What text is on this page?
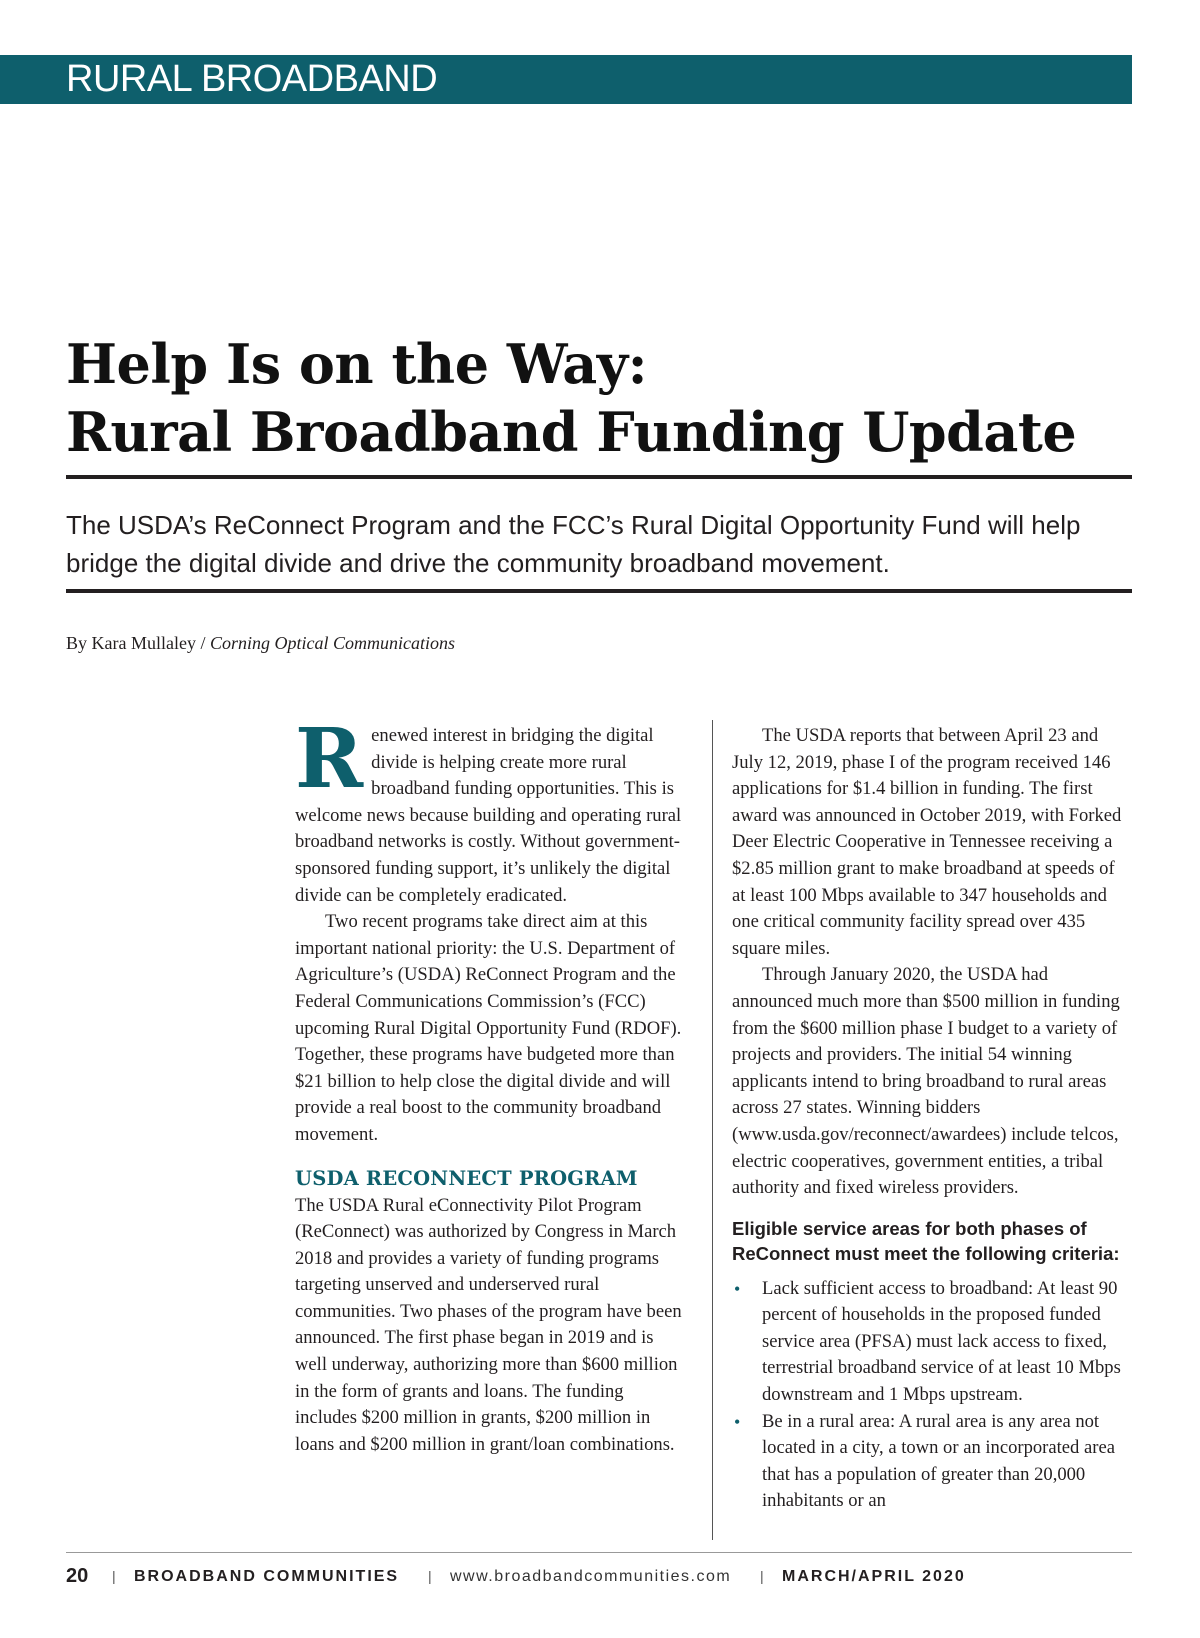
RURAL BROADBAND
Help Is on the Way:
Rural Broadband Funding Update
The USDA’s ReConnect Program and the FCC’s Rural Digital Opportunity Fund will help bridge the digital divide and drive the community broadband movement.
By Kara Mullaley / Corning Optical Communications

Renewed interest in bridging the digital divide is helping create more rural broadband funding opportunities. This is welcome news because building and operating rural broadband networks is costly. Without government-sponsored funding support, it’s unlikely the digital divide can be completely eradicated.

Two recent programs take direct aim at this important national priority: the U.S. Department of Agriculture’s (USDA) ReConnect Program and the Federal Communications Commission’s (FCC) upcoming Rural Digital Opportunity Fund (RDOF). Together, these programs have budgeted more than $21 billion to help close the digital divide and will provide a real boost to the community broadband movement.

USDA RECONNECT PROGRAM

The USDA Rural eConnectivity Pilot Program (ReConnect) was authorized by Congress in March 2018 and provides a variety of funding programs targeting unserved and underserved rural communities. Two phases of the program have been announced. The first phase began in 2019 and is well underway, authorizing more than $600 million in the form of grants and loans. The funding includes $200 million in grants, $200 million in loans and $200 million in grant/loan combinations.

The USDA reports that between April 23 and July 12, 2019, phase I of the program received 146 applications for $1.4 billion in funding. The first award was announced in October 2019, with Forked Deer Electric Cooperative in Tennessee receiving a $2.85 million grant to make broadband at speeds of at least 100 Mbps available to 347 households and one critical community facility spread over 435 square miles.

Through January 2020, the USDA had announced much more than $500 million in funding from the $600 million phase I budget to a variety of projects and providers. The initial 54 winning applicants intend to bring broadband to rural areas across 27 states. Winning bidders (www.usda.gov/reconnect/awardees) include telcos, electric cooperatives, government entities, a tribal authority and fixed wireless providers.

Eligible service areas for both phases of ReConnect must meet the following criteria:
• Lack sufficient access to broadband: At least 90 percent of households in the proposed funded service area (PFSA) must lack access to fixed, terrestrial broadband service of at least 10 Mbps downstream and 1 Mbps upstream.
• Be in a rural area: A rural area is any area not located in a city, a town or an incorporated area that has a population of greater than 20,000 inhabitants or an
20 | BROADBAND COMMUNITIES | www.broadbandcommunities.com | MARCH/APRIL 2020
